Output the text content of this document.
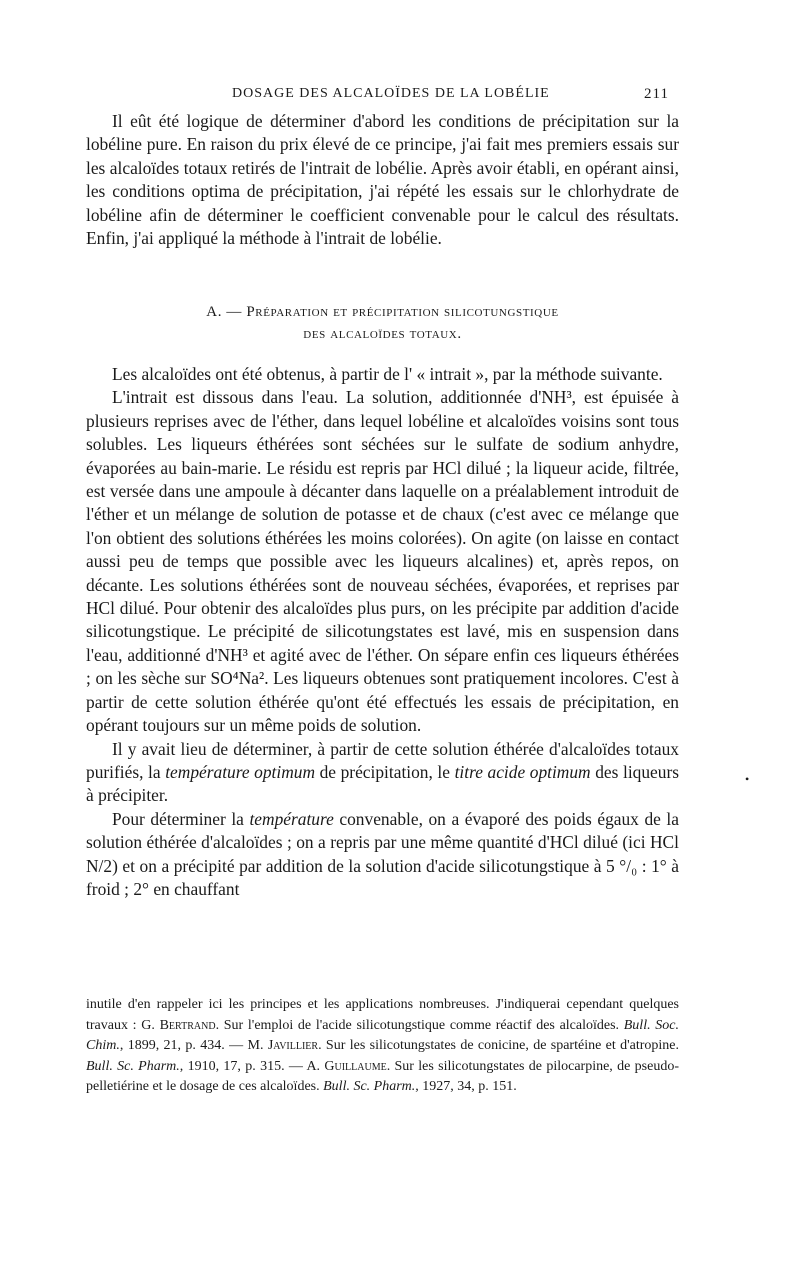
DOSAGE DES ALCALOÏDES DE LA LOBÉLIE	211

Il eût été logique de déterminer d'abord les conditions de précipitation sur la lobéline pure. En raison du prix élevé de ce principe, j'ai fait mes premiers essais sur les alcaloïdes totaux retirés de l'intrait de lobélie. Après avoir établi, en opérant ainsi, les conditions optima de précipitation, j'ai répété les essais sur le chlorhydrate de lobéline afin de déterminer le coefficient convenable pour le calcul des résultats. Enfin, j'ai appliqué la méthode à l'intrait de lobélie.

A. — Préparation et précipitation silicotungstique
des alcaloïdes totaux.

Les alcaloïdes ont été obtenus, à partir de l' « intrait », par la méthode suivante.

L'intrait est dissous dans l'eau. La solution, additionnée d'NH³, est épuisée à plusieurs reprises avec de l'éther, dans lequel lobéline et alcaloïdes voisins sont tous solubles. Les liqueurs éthérées sont séchées sur le sulfate de sodium anhydre, évaporées au bain-marie. Le résidu est repris par HCl dilué ; la liqueur acide, filtrée, est versée dans une ampoule à décanter dans laquelle on a préalablement introduit de l'éther et un mélange de solution de potasse et de chaux (c'est avec ce mélange que l'on obtient des solutions éthérées les moins colorées). On agite (on laisse en contact aussi peu de temps que possible avec les liqueurs alcalines) et, après repos, on décante. Les solutions éthérées sont de nouveau séchées, évaporées, et reprises par HCl dilué. Pour obtenir des alcaloïdes plus purs, on les précipite par addition d'acide silicotungstique. Le précipité de silicotungstates est lavé, mis en suspension dans l'eau, additionné d'NH³ et agité avec de l'éther. On sépare enfin ces liqueurs éthérées ; on les sèche sur SO⁴Na². Les liqueurs obtenues sont pratiquement incolores. C'est à partir de cette solution éthérée qu'ont été effectués les essais de précipitation, en opérant toujours sur un même poids de solution.

Il y avait lieu de déterminer, à partir de cette solution éthérée d'alcaloïdes totaux purifiés, la température optimum de précipitation, le titre acide optimum des liqueurs à précipiter.

Pour déterminer la température convenable, on a évaporé des poids égaux de la solution éthérée d'alcaloïdes ; on a repris par une même quantité d'HCl dilué (ici HCl N/2) et on a précipité par addition de la solution d'acide silicotungstique à 5 °/₀ : 1° à froid ; 2° en chauffant

inutile d'en rappeler ici les principes et les applications nombreuses. J'indiquerai cependant quelques travaux : G. Bertrand. Sur l'emploi de l'acide silicotungstique comme réactif des alcaloïdes. Bull. Soc. Chim., 1899, 21, p. 434. — M. Javillier. Sur les silicotungstates de conicine, de spartéine et d'atropine. Bull. Sc. Pharm., 1910, 17, p. 315. — A. Guillaume. Sur les silicotungstates de pilocarpine, de pseudo-pelletiérine et le dosage de ces alcaloïdes. Bull. Sc. Pharm., 1927, 34, p. 151.

•
